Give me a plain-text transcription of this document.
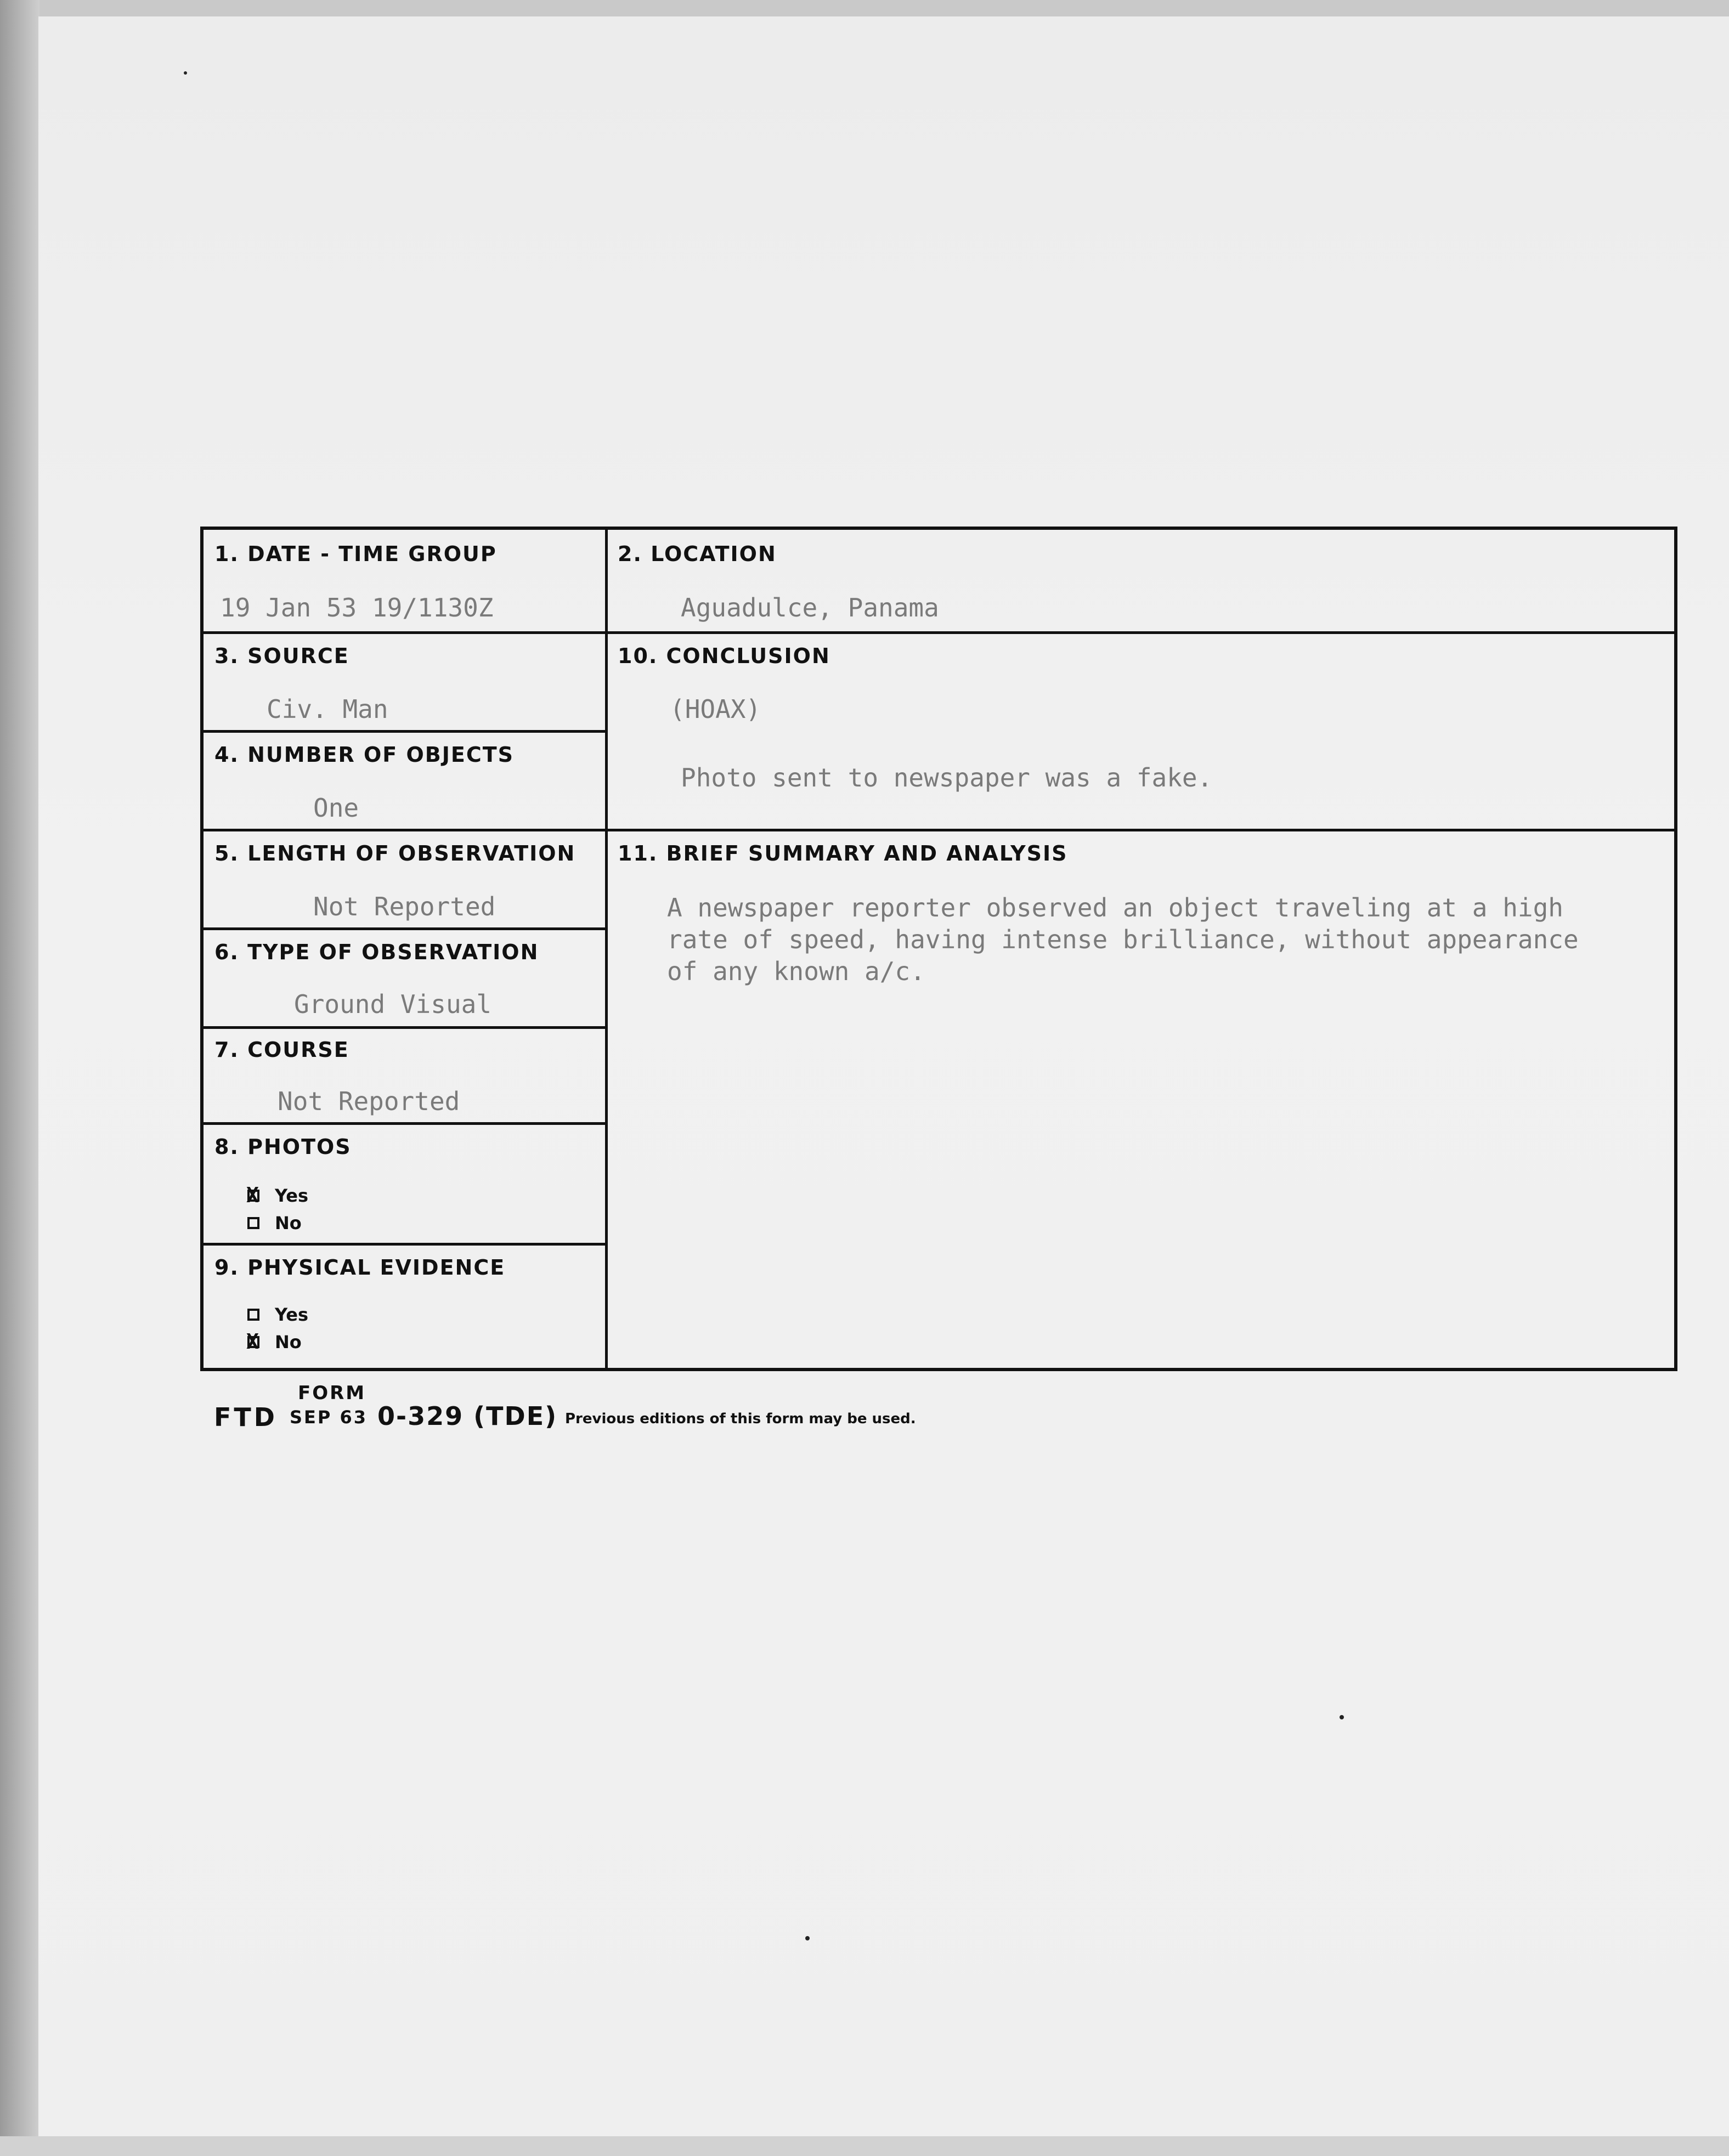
1. DATE - TIME GROUP
19 Jan 53 19/1130Z
2. LOCATION
Aguadulce, Panama
3. SOURCE
Civ. Man
4. NUMBER OF OBJECTS
One
5. LENGTH OF OBSERVATION
Not Reported
6. TYPE OF OBSERVATION
Ground Visual
7. COURSE
Not Reported
8. PHOTOS
X
Yes
No
9. PHYSICAL EVIDENCE
Yes
X
No
10. CONCLUSION
(HOAX)
Photo sent to newspaper was a fake.
11. BRIEF SUMMARY AND ANALYSIS
A newspaper reporter observed an object traveling at a high
rate of speed, having intense brilliance, without appearance
of any known a/c.
FORM
FTD SEP 63 0-329 (TDE) Previous editions of this form may be used.
